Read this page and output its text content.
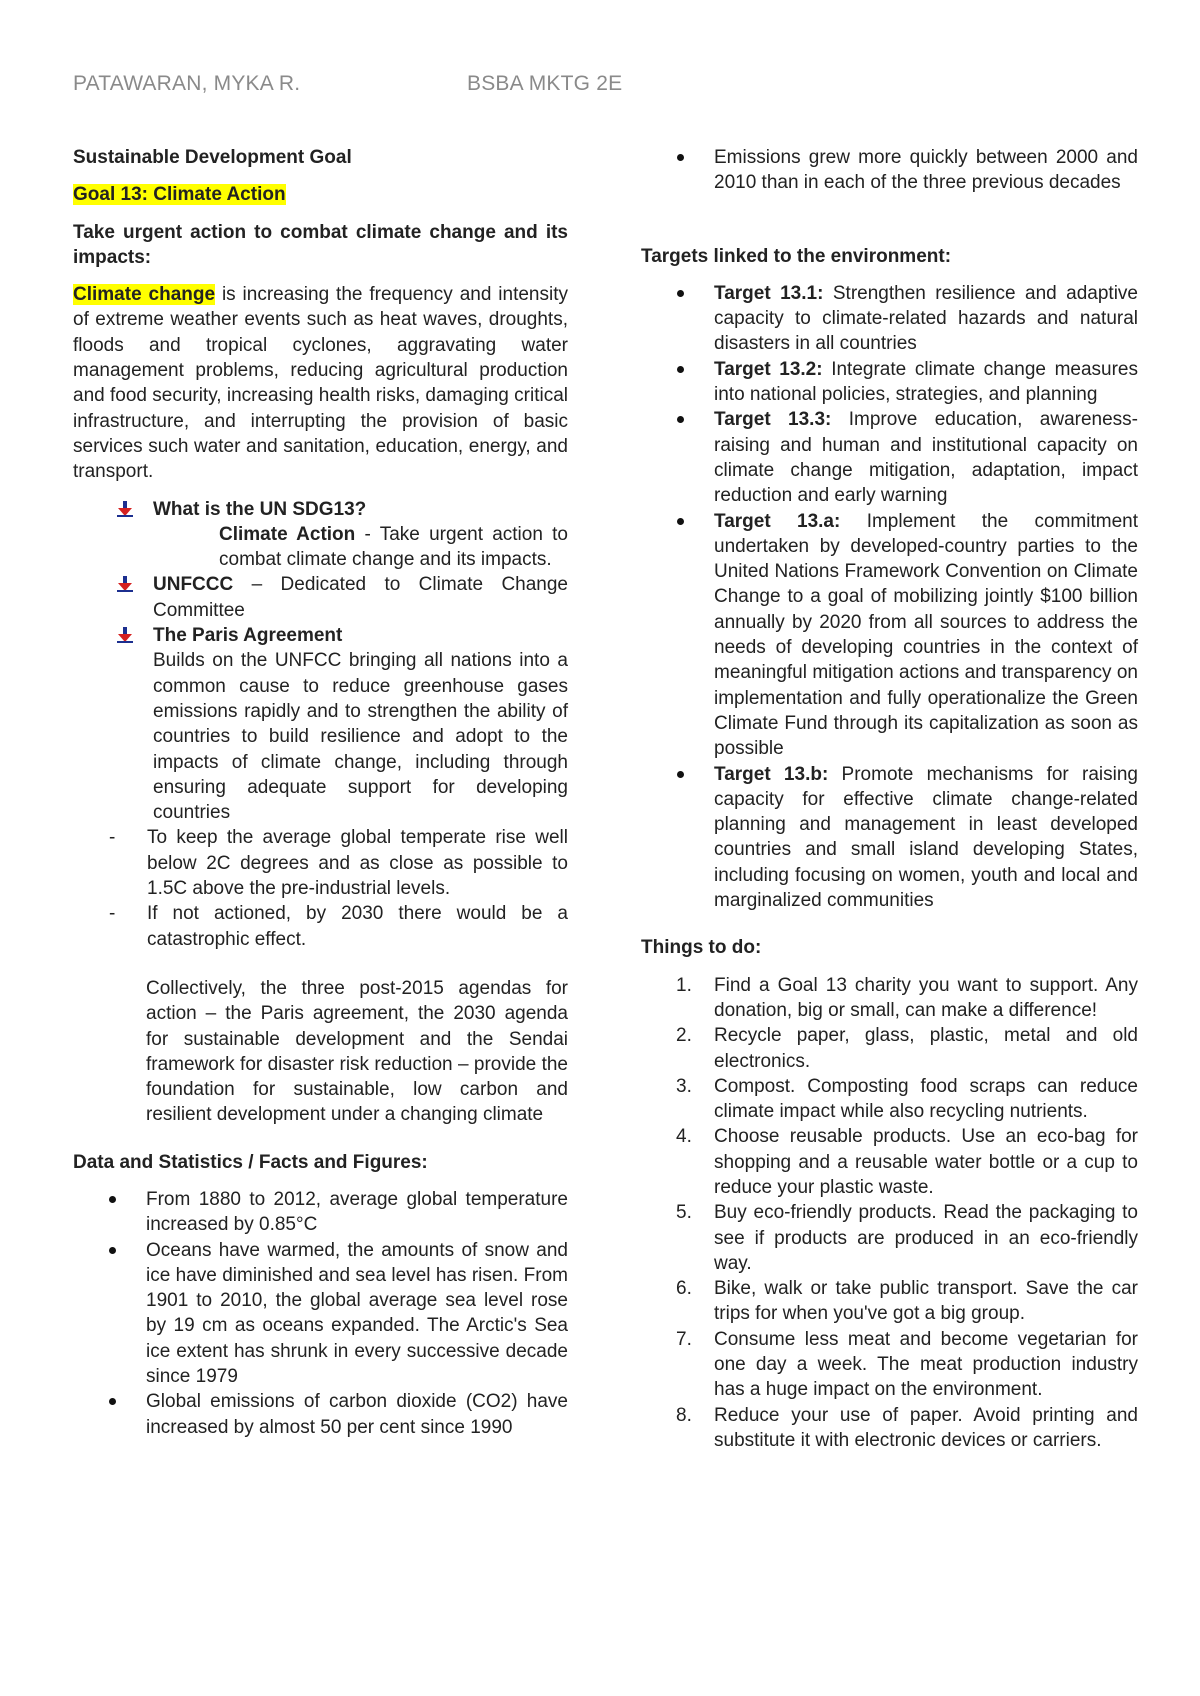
PATAWARAN, MYKA R.	BSBA MKTG 2E

Sustainable Development Goal

Goal 13: Climate Action

Take urgent action to combat climate change and its impacts:

Climate change is increasing the frequency and intensity of extreme weather events such as heat waves, droughts, floods and tropical cyclones, aggravating water management problems, reducing agricultural production and food security, increasing health risks, damaging critical infrastructure, and interrupting the provision of basic services such water and sanitation, education, energy, and transport.

What is the UN SDG13?
Climate Action - Take urgent action to combat climate change and its impacts.
UNFCCC – Dedicated to Climate Change Committee
The Paris Agreement
Builds on the UNFCC bringing all nations into a common cause to reduce greenhouse gases emissions rapidly and to strengthen the ability of countries to build resilience and adopt to the impacts of climate change, including through ensuring adequate support for developing countries
- To keep the average global temperate rise well below 2C degrees and as close as possible to 1.5C above the pre-industrial levels.
- If not actioned, by 2030 there would be a catastrophic effect.

Collectively, the three post-2015 agendas for action – the Paris agreement, the 2030 agenda for sustainable development and the Sendai framework for disaster risk reduction – provide the foundation for sustainable, low carbon and resilient development under a changing climate

Data and Statistics / Facts and Figures:

From 1880 to 2012, average global temperature increased by 0.85°C
Oceans have warmed, the amounts of snow and ice have diminished and sea level has risen. From 1901 to 2010, the global average sea level rose by 19 cm as oceans expanded. The Arctic's Sea ice extent has shrunk in every successive decade since 1979
Global emissions of carbon dioxide (CO2) have increased by almost 50 per cent since 1990
Emissions grew more quickly between 2000 and 2010 than in each of the three previous decades

Targets linked to the environment:

Target 13.1: Strengthen resilience and adaptive capacity to climate-related hazards and natural disasters in all countries
Target 13.2: Integrate climate change measures into national policies, strategies, and planning
Target 13.3: Improve education, awareness-raising and human and institutional capacity on climate change mitigation, adaptation, impact reduction and early warning
Target 13.a: Implement the commitment undertaken by developed-country parties to the United Nations Framework Convention on Climate Change to a goal of mobilizing jointly $100 billion annually by 2020 from all sources to address the needs of developing countries in the context of meaningful mitigation actions and transparency on implementation and fully operationalize the Green Climate Fund through its capitalization as soon as possible
Target 13.b: Promote mechanisms for raising capacity for effective climate change-related planning and management in least developed countries and small island developing States, including focusing on women, youth and local and marginalized communities

Things to do:

1. Find a Goal 13 charity you want to support. Any donation, big or small, can make a difference!
2. Recycle paper, glass, plastic, metal and old electronics.
3. Compost. Composting food scraps can reduce climate impact while also recycling nutrients.
4. Choose reusable products. Use an eco-bag for shopping and a reusable water bottle or a cup to reduce your plastic waste.
5. Buy eco-friendly products. Read the packaging to see if products are produced in an eco-friendly way.
6. Bike, walk or take public transport. Save the car trips for when you've got a big group.
7. Consume less meat and become vegetarian for one day a week. The meat production industry has a huge impact on the environment.
8. Reduce your use of paper. Avoid printing and substitute it with electronic devices or carriers.
